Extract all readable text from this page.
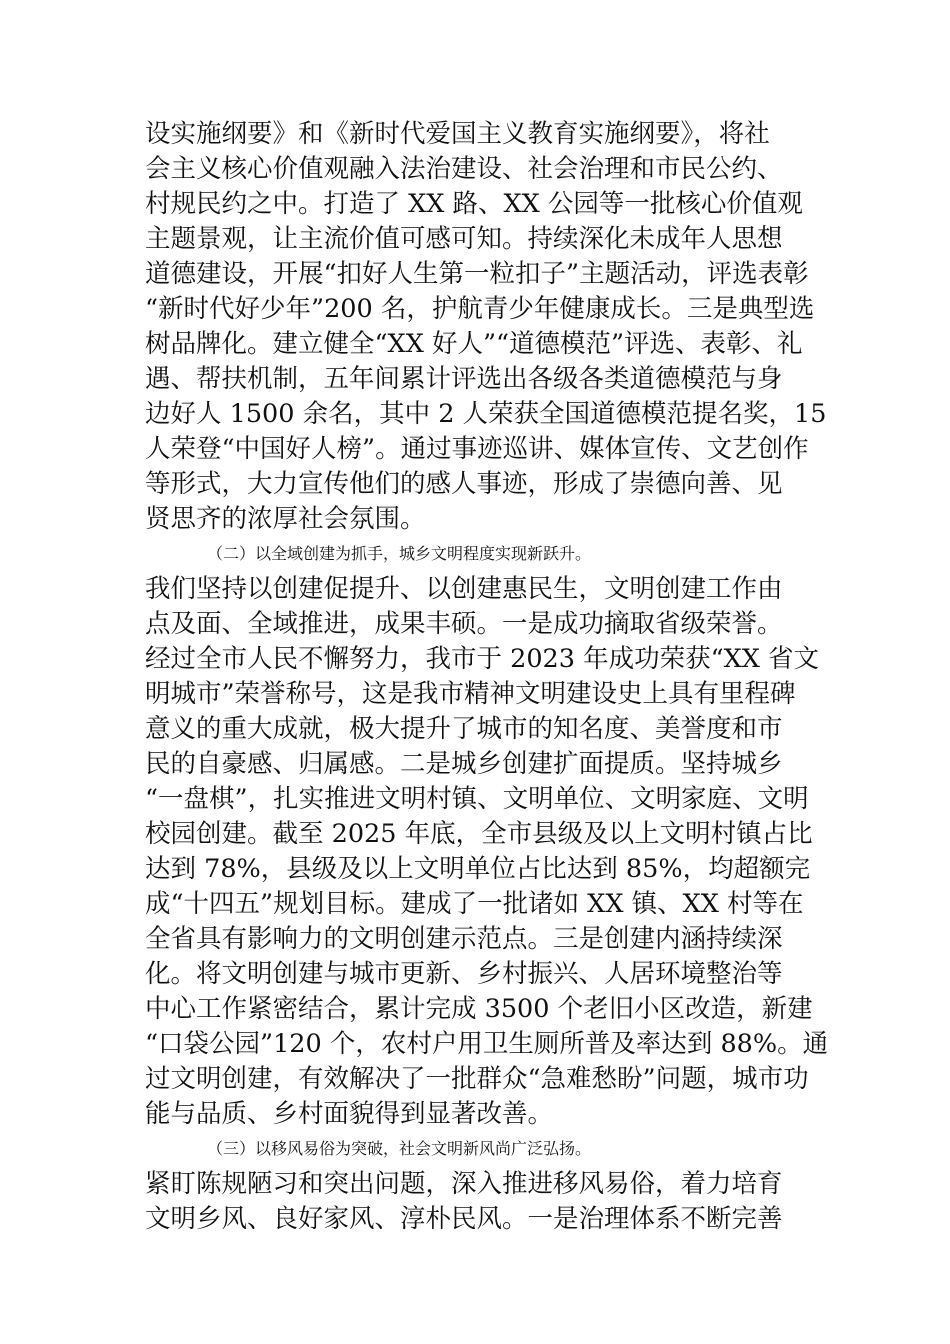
设实施纲要》和《新时代爱国主义教育实施纲要》，将社
会主义核心价值观融入法治建设、社会治理和市民公约、
村规民约之中。打造了 XX 路、XX 公园等一批核心价值观
主题景观，让主流价值可感可知。持续深化未成年人思想
道德建设，开展“扣好人生第一粒扣子”主题活动，评选表彰
“新时代好少年”200 名，护航青少年健康成长。三是典型选
树品牌化。建立健全“XX 好人”“道德模范”评选、表彰、礼
遇、帮扶机制，五年间累计评选出各级各类道德模范与身
边好人 1500 余名，其中 2 人荣获全国道德模范提名奖，15
人荣登“中国好人榜”。通过事迹巡讲、媒体宣传、文艺创作
等形式，大力宣传他们的感人事迹，形成了崇德向善、见
贤思齐的浓厚社会氛围。
（二）以全域创建为抓手，城乡文明程度实现新跃升。
我们坚持以创建促提升、以创建惠民生，文明创建工作由
点及面、全域推进，成果丰硕。一是成功摘取省级荣誉。
经过全市人民不懈努力，我市于 2023 年成功荣获“XX 省文
明城市”荣誉称号，这是我市精神文明建设史上具有里程碑
意义的重大成就，极大提升了城市的知名度、美誉度和市
民的自豪感、归属感。二是城乡创建扩面提质。坚持城乡
“一盘棋”，扎实推进文明村镇、文明单位、文明家庭、文明
校园创建。截至 2025 年底，全市县级及以上文明村镇占比
达到 78%，县级及以上文明单位占比达到 85%，均超额完
成“十四五”规划目标。建成了一批诸如 XX 镇、XX 村等在
全省具有影响力的文明创建示范点。三是创建内涵持续深
化。将文明创建与城市更新、乡村振兴、人居环境整治等
中心工作紧密结合，累计完成 3500 个老旧小区改造，新建
“口袋公园”120 个，农村户用卫生厕所普及率达到 88%。通
过文明创建，有效解决了一批群众“急难愁盼”问题，城市功
能与品质、乡村面貌得到显著改善。
（三）以移风易俗为突破，社会文明新风尚广泛弘扬。
紧盯陈规陋习和突出问题，深入推进移风易俗，着力培育
文明乡风、良好家风、淳朴民风。一是治理体系不断完善
